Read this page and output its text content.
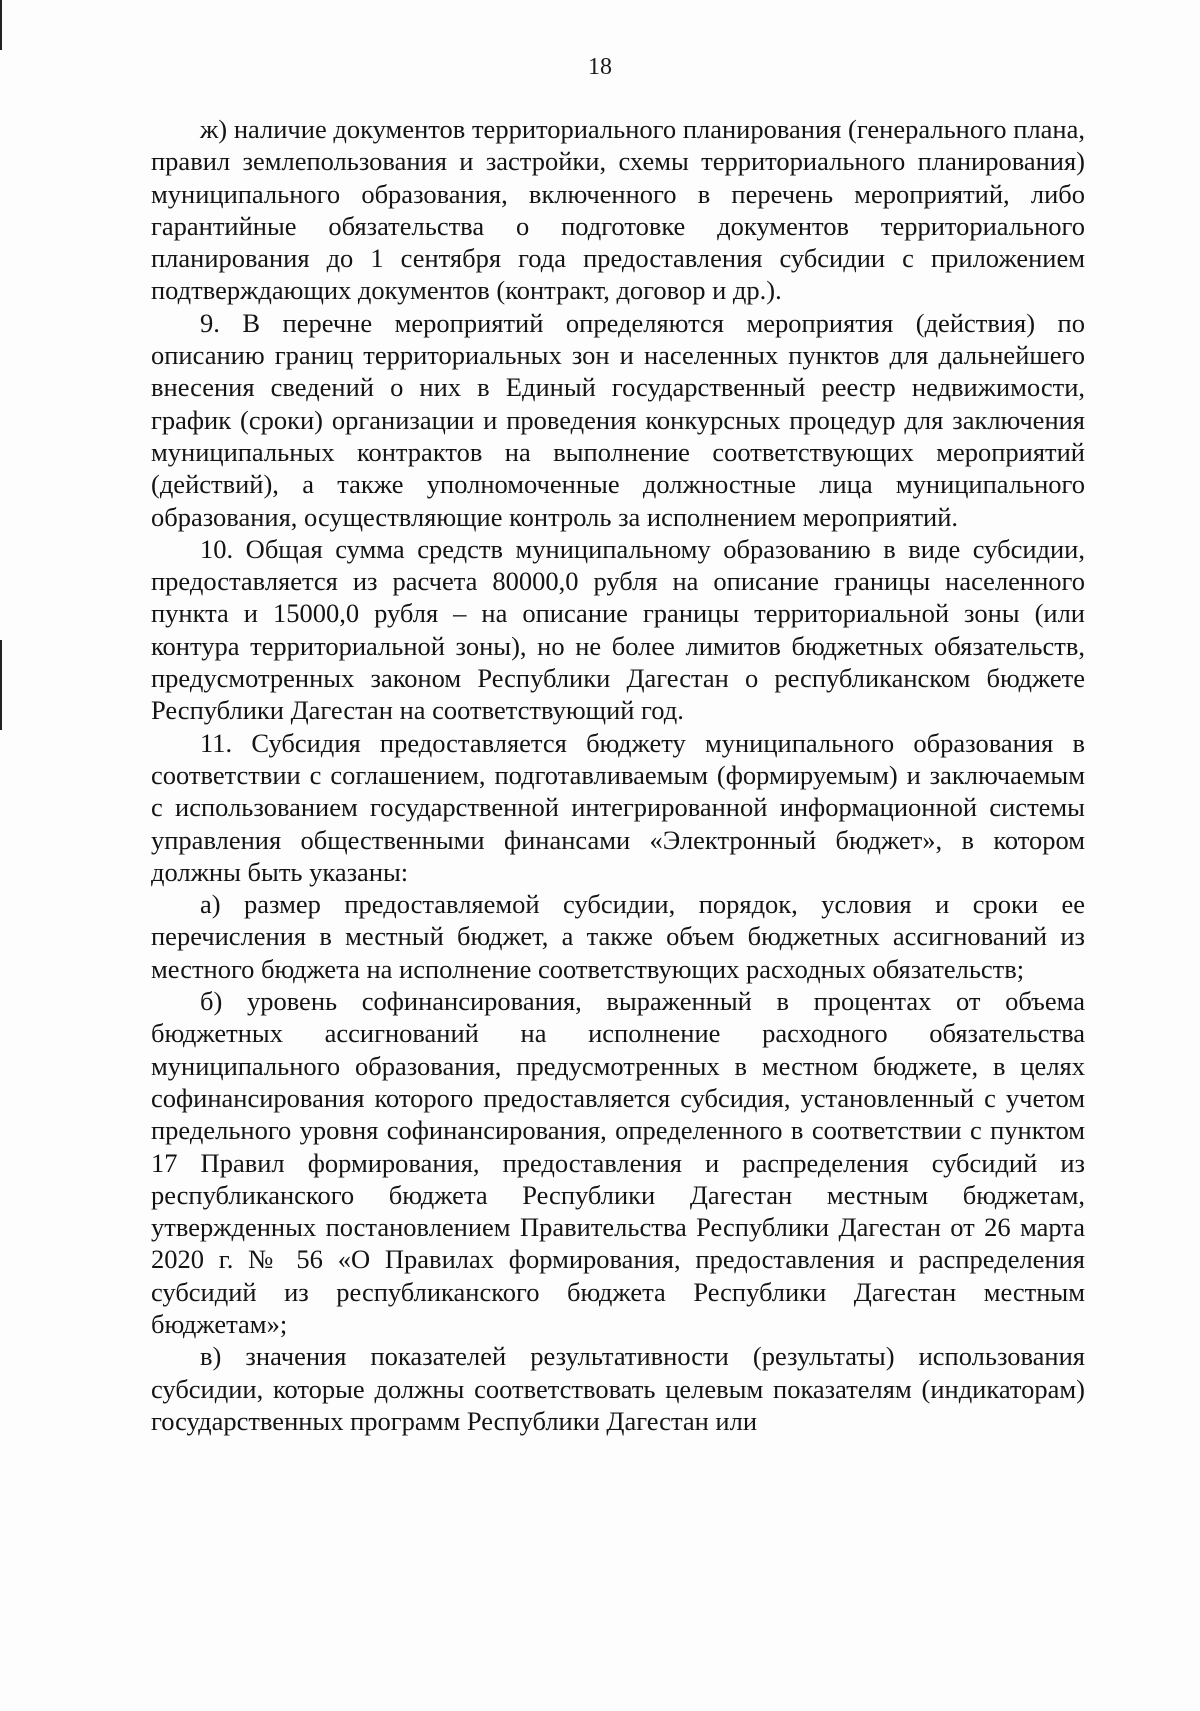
18

ж) наличие документов территориального планирования (генерального плана, правил землепользования и застройки, схемы территориального планирования) муниципального образования, включенного в перечень мероприятий, либо гарантийные обязательства о подготовке документов территориального планирования до 1 сентября года предоставления субсидии с приложением подтверждающих документов (контракт, договор и др.).

9. В перечне мероприятий определяются мероприятия (действия) по описанию границ территориальных зон и населенных пунктов для дальнейшего внесения сведений о них в Единый государственный реестр недвижимости, график (сроки) организации и проведения конкурсных процедур для заключения муниципальных контрактов на выполнение соответствующих мероприятий (действий), а также уполномоченные должностные лица муниципального образования, осуществляющие контроль за исполнением мероприятий.

10. Общая сумма средств муниципальному образованию в виде субсидии, предоставляется из расчета 80000,0 рубля на описание границы населенного пункта и 15000,0 рубля – на описание границы территориальной зоны (или контура территориальной зоны), но не более лимитов бюджетных обязательств, предусмотренных законом Республики Дагестан о республиканском бюджете Республики Дагестан на соответствующий год.

11. Субсидия предоставляется бюджету муниципального образования в соответствии с соглашением, подготавливаемым (формируемым) и заключаемым с использованием государственной интегрированной информационной системы управления общественными финансами «Электронный бюджет», в котором должны быть указаны:

а) размер предоставляемой субсидии, порядок, условия и сроки ее перечисления в местный бюджет, а также объем бюджетных ассигнований из местного бюджета на исполнение соответствующих расходных обязательств;

б) уровень софинансирования, выраженный в процентах от объема бюджетных ассигнований на исполнение расходного обязательства муниципального образования, предусмотренных в местном бюджете, в целях софинансирования которого предоставляется субсидия, установленный с учетом предельного уровня софинансирования, определенного в соответствии с пунктом 17 Правил формирования, предоставления и распределения субсидий из республиканского бюджета Республики Дагестан местным бюджетам, утвержденных постановлением Правительства Республики Дагестан от 26 марта 2020 г. № 56 «О Правилах формирования, предоставления и распределения субсидий из республиканского бюджета Республики Дагестан местным бюджетам»;

в) значения показателей результативности (результаты) использования субсидии, которые должны соответствовать целевым показателям (индикаторам) государственных программ Республики Дагестан или
